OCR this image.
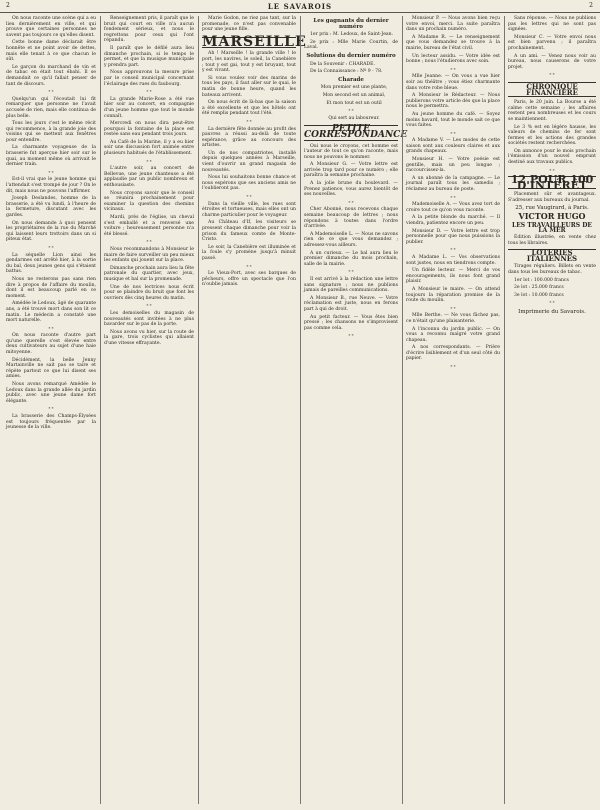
2	LE SAVAROIS	2

On nous raconte une scène qui a eu lieu dernièrement en ville, et qui prouve que certaines personnes ne savent pas toujours ce qu'elles disent.

Cette bonne dame déclarait être honnête et ne point avoir de dettes, mais elle tenait à ce que chacun le sût.

Le garçon du marchand de vin et de tabac en était tout ébahi. Il se demandait ce qu'il fallait penser de tant de discours.

* *

Quelqu'un qui l'écoutait lui fit remarquer que personne ne l'avait accusée de rien, mais elle continua de plus belle.

Tous les jours c'est le même récit qui recommence, à la grande joie des voisins qui se mettent aux fenêtres pour entendre.

La charmante voyageuse de la brasserie fut aperçue hier soir sur le quai, au moment même où arrivait le dernier train.

* *

Est-il vrai que le jeune homme qui l'attendait s'est trompé de jour ? On le dit, mais nous ne pouvons l'affirmer.

Joseph Deslandes, homme de la brasserie, a été vu lundi, à l'heure de la fermeture, discutant avec les gardes.

On nous demande à quoi pensent les propriétaires de la rue du Marché qui laissent leurs trottoirs dans un si piteux état.

* *

La séquelle Lion ainsi les gendarmes ont arrêté hier, à la sortie du bal, deux jeunes gens qui s'étaient battus.

Nous ne resterons pas sans rien dire à propos de l'affaire du moulin, dont il est beaucoup parlé en ce moment.

Amédée le Ledoux, âgé de quarante ans, a été trouvé mort dans son lit ce matin. Le médecin a constaté une mort naturelle.

* *

On nous raconte d'autre part qu'une querelle s'est élevée entre deux cultivateurs au sujet d'une haie mitoyenne.

Décidément, la belle Jenny Martainville ne sait pas se taire et répète partout ce que lui disent ses amies.

Nous avons remarqué Amédée le Ledoux dans la grande allée du jardin public, avec une jeune dame fort élégante.

* *

La brasserie des Champs-Élysées est toujours fréquentée par la jeunesse de la ville.

Renseignement pris, il paraît que le bruit qui court en ville n'a aucun fondement sérieux, et nous le regrettons pour ceux qui l'ont répandu.

Il paraît que le défilé aura lieu dimanche prochain, si le temps le permet, et que la musique municipale y prendra part.

Nous approuvons la mesure prise par le conseil municipal concernant l'éclairage des rues du faubourg.

* *

La grande Marie-Rose a été vue hier soir au concert, en compagnie d'un jeune homme que tout le monde connaît.

Mercredi on nous dira peut-être pourquoi la fontaine de la place est restée sans eau pendant trois jours.

Au Café de la Marine, il y a eu hier soir une discussion fort animée entre plusieurs habitués de l'établissement.

* *

L'autre soir, au concert de Bellevue, une jeune chanteuse a été applaudie par un public nombreux et enthousiaste.

Nous croyons savoir que le conseil se réunira prochainement pour examiner la question des chemins vicinaux.

Mardi, près de l'église, un cheval s'est emballé et a renversé une voiture ; heureusement personne n'a été blessé.

* *

Nous recommandons à Monsieur le maire de faire surveiller un peu mieux les enfants qui jouent sur la place.

Dimanche prochain aura lieu la fête patronale du quartier, avec jeux, musique et bal sur la promenade.

Une de nos lectrices nous écrit pour se plaindre du bruit que font les ouvriers dès cinq heures du matin.

* *

Les demoiselles du magasin de nouveautés sont invitées à ne plus bavarder sur le pas de la porte.

Nous avons vu hier, sur la route de la gare, trois cyclistes qui allaient d'une vitesse effrayante.

Marie Godon, ne riez pas tant, sur la promenade, ce n'est pas convenable pour une jeune fille.

MARSEILLE

Ah ! Marseille ! la grande ville ! le port, les navires, le soleil, la Canebière ; tout y est gai, tout y est bruyant, tout y est vivant.

Si vous voulez voir des marins de tous les pays, il faut aller sur le quai, le matin de bonne heure, quand les bateaux arrivent.

On nous écrit de là-bas que la saison a été excellente et que les hôtels ont été remplis pendant tout l'été.

* *

La dernière fête donnée au profit des pauvres a réussi au-delà de toute espérance, grâce au concours des artistes.

Un de nos compatriotes, installé depuis quelques années à Marseille, vient d'ouvrir un grand magasin de nouveautés.

Nous lui souhaitons bonne chance et nous espérons que ses anciens amis ne l'oublieront pas.

* *

Dans la vieille ville, les rues sont étroites et tortueuses, mais elles ont un charme particulier pour le voyageur.

Au Château d'If, les visiteurs se pressent chaque dimanche pour voir la prison du fameux comte de Monte-Cristo.

Le soir, la Canebière est illuminée et la foule s'y promène jusqu'à minuit passé.

* *

Le Vieux-Port, avec ses barques de pêcheurs, offre un spectacle que l'on n'oublie jamais.

Les gagnants du dernier numéro

1er prix : M. Ledoux, de Saint-Jean.

2e prix : Mlle Marie Courtin, de Laval.

Solutions du dernier numéro

De la Souvenir : CHARADE.

De la Connaissance : Nº 9 - 78.

Charade

Mon premier est une plante,

Mon second est un animal,

Et mon tout est un outil

* *

Qui sert au laboureur.

PETITE CORRESPONDANCE

Oui nous le croyons, cet homme est l'auteur de tout ce qu'on raconte, mais nous ne pouvons le nommer.

A Monsieur G. — Votre lettre est arrivée trop tard pour ce numéro ; elle paraîtra la semaine prochaine.

A la jolie brune du boulevard. — Prenez patience, vous aurez bientôt de ses nouvelles.

* *

Cher Abonné, nous recevons chaque semaine beaucoup de lettres ; nous répondons à toutes dans l'ordre d'arrivée.

A Mademoiselle L. — Nous ne savons rien de ce que vous demandez ; adressez-vous ailleurs.

A un curieux. — Le bal aura lieu le premier dimanche du mois prochain, salle de la mairie.

* *

Il est arrivé à la rédaction une lettre sans signature ; nous ne publions jamais de pareilles communications.

A Monsieur B., rue Neuve. — Votre réclamation est juste, nous en ferons part à qui de droit.

Au petit facteur. — Vous êtes bien pressé ; les chansons ne s'improvisent pas comme cela.

* *

Monsieur P. — Nous avons bien reçu votre envoi, merci. La suite paraîtra dans un prochain numéro.

A Madame R. — Le renseignement que vous demandez se trouve à la mairie, bureau de l'état civil.

Un lecteur assidu. — Votre idée est bonne ; nous l'étudierons avec soin.

* *

Mlle Jeanne. — On vous a vue hier soir au théâtre ; vous étiez charmante dans votre robe bleue.

A Monsieur le Rédacteur. — Nous publierons votre article dès que la place nous le permettra.

Au jeune homme du café. — Soyez moins bavard, tout le monde sait ce que vous faites.

* *

A Madame V. — Les modes de cette saison sont aux couleurs claires et aux grands chapeaux.

Monsieur H. — Votre poésie est gentille, mais un peu longue ; raccourcissez-la.

A un abonné de la campagne. — Le journal paraît tous les samedis ; réclamez au bureau de poste.

* *

Mademoiselle A. — Vous avez tort de croire tout ce qu'on vous raconte.

A la petite blonde du marché. — Il viendra, patientez encore un peu.

Monsieur D. — Votre lettre est trop personnelle pour que nous puissions la publier.

* *

A Madame L. — Vos observations sont justes, nous en tiendrons compte.

Un fidèle lecteur. — Merci de vos encouragements, ils nous font grand plaisir.

A Monsieur le maire. — On attend toujours la réparation promise de la route du moulin.

* *

Mlle Berthe. — Ne vous fâchez pas, ce n'était qu'une plaisanterie.

A l'inconnu du jardin public. — On vous a reconnu malgré votre grand chapeau.

A nos correspondants. — Prière d'écrire lisiblement et d'un seul côté du papier.

* *

Sans réponse. — Nous ne publions pas les lettres qui ne sont pas signées.

Monsieur C. — Votre envoi nous est bien parvenu ; il paraîtra prochainement.

A un ami. — Venez nous voir au bureau, nous causerons de votre projet.

* *
CHRONIQUE FINANCIÈRE

Paris, le 20 juin. La Bourse a été calme cette semaine ; les affaires restent peu nombreuses et les cours se maintiennent.

Le 3 % est en légère hausse, les valeurs de chemins de fer sont fermes et les actions des grandes sociétés restent recherchées.

On annonce pour le mois prochain l'émission d'un nouvel emprunt destiné aux travaux publics.

* *
12 POUR 100 D'INTÉRÊT

Placement sûr et avantageux. S'adresser aux bureaux du journal.

25, rue Vaugirard, à Paris.
VICTOR HUGO
LES TRAVAILLEURS DE LA MER

Édition illustrée, en vente chez tous les libraires.

LOTERIES ITALIENNES

Tirages réguliers. Billets en vente dans tous les bureaux de tabac.

1er lot : 100.000 francs

2e lot : 25.000 francs

3e lot : 10.000 francs

* *
Imprimerie du Savarois.
